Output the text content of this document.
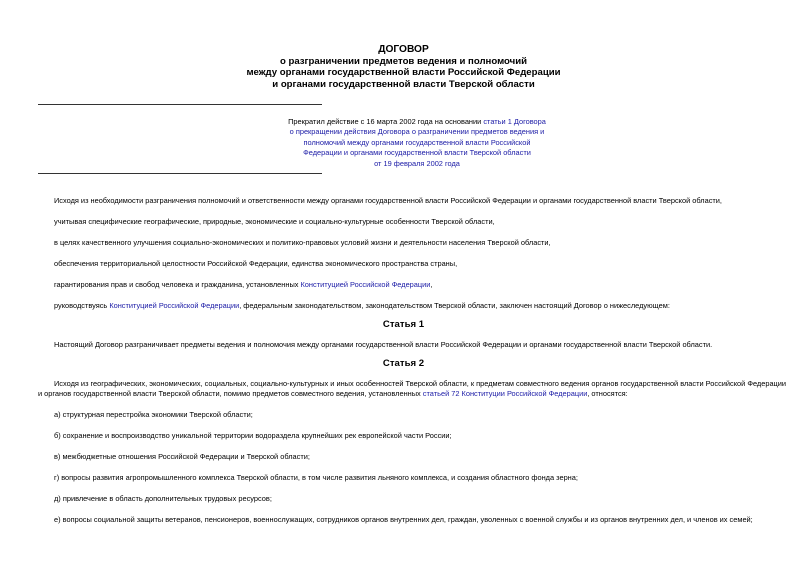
ДОГОВОР
о разграничении предметов ведения и полномочий
между органами государственной власти Российской Федерации
и органами государственной власти Тверской области
Прекратил действие с 16 марта 2002 года на основании статьи 1 Договора
о прекращении действия Договора о разграничении предметов ведения и
полномочий между органами государственной власти Российской
Федерации и органами государственной власти Тверской области
от 19 февраля 2002 года
Исходя из необходимости разграничения полномочий и ответственности между органами государственной власти Российской Федерации и органами государственной власти Тверской области,
учитывая специфические географические, природные, экономические и социально-культурные особенности Тверской области,
в целях качественного улучшения социально-экономических и политико-правовых условий жизни и деятельности населения Тверской области,
обеспечения территориальной целостности Российской Федерации, единства экономического пространства страны,
гарантирования прав и свобод человека и гражданина, установленных Конституцией Российской Федерации,
руководствуясь Конституцией Российской Федерации, федеральным законодательством, законодательством Тверской области, заключен настоящий Договор о нижеследующем:
Статья 1
Настоящий Договор разграничивает предметы ведения и полномочия между органами государственной власти Российской Федерации и органами государственной власти Тверской области.
Статья 2
Исходя из географических, экономических, социальных, социально-культурных и иных особенностей Тверской области, к предметам совместного ведения органов государственной власти Российской Федерации
и органов государственной власти Тверской области, помимо предметов совместного ведения, установленных статьей 72 Конституции Российской Федерации, относятся:
а) структурная перестройка экономики Тверской области;
б) сохранение и воспроизводство уникальной территории водораздела крупнейших рек европейской части России;
в) межбюджетные отношения Российской Федерации и Тверской области;
г) вопросы развития агропромышленного комплекса Тверской области, в том числе развития льняного комплекса, и создания областного фонда зерна;
д) привлечение в область дополнительных трудовых ресурсов;
е) вопросы социальной защиты ветеранов, пенсионеров, военнослужащих, сотрудников органов внутренних дел, граждан, уволенных с военной службы и из органов внутренних дел, и членов их семей;
